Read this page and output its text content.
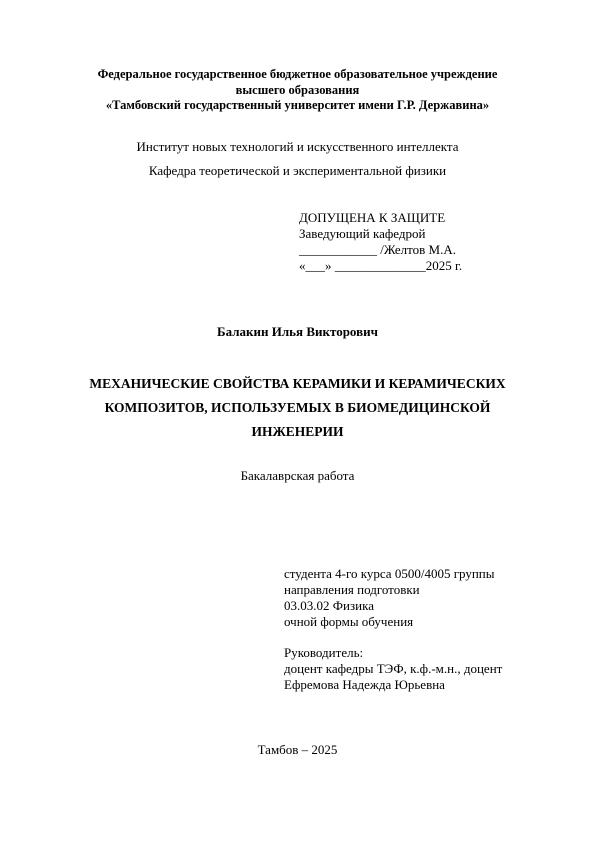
Федеральное государственное бюджетное образовательное учреждение
высшего образования
«Тамбовский государственный университет имени Г.Р. Державина»
Институт новых технологий и искусственного интеллекта
Кафедра теоретической и экспериментальной физики
ДОПУЩЕНА К ЗАЩИТЕ
Заведующий кафедрой
____________ /Желтов М.А.
«___» ______________2025 г.
Балакин Илья Викторович
МЕХАНИЧЕСКИЕ СВОЙСТВА КЕРАМИКИ И КЕРАМИЧЕСКИХ
КОМПОЗИТОВ, ИСПОЛЬЗУЕМЫХ В БИОМЕДИЦИНСКОЙ
ИНЖЕНЕРИИ
Бакалаврская работа
студента 4-го курса 0500/4005 группы
направления подготовки
03.03.02 Физика
очной формы обучения
Руководитель:
доцент кафедры ТЭФ, к.ф.-м.н., доцент
Ефремова Надежда Юрьевна
Тамбов – 2025
